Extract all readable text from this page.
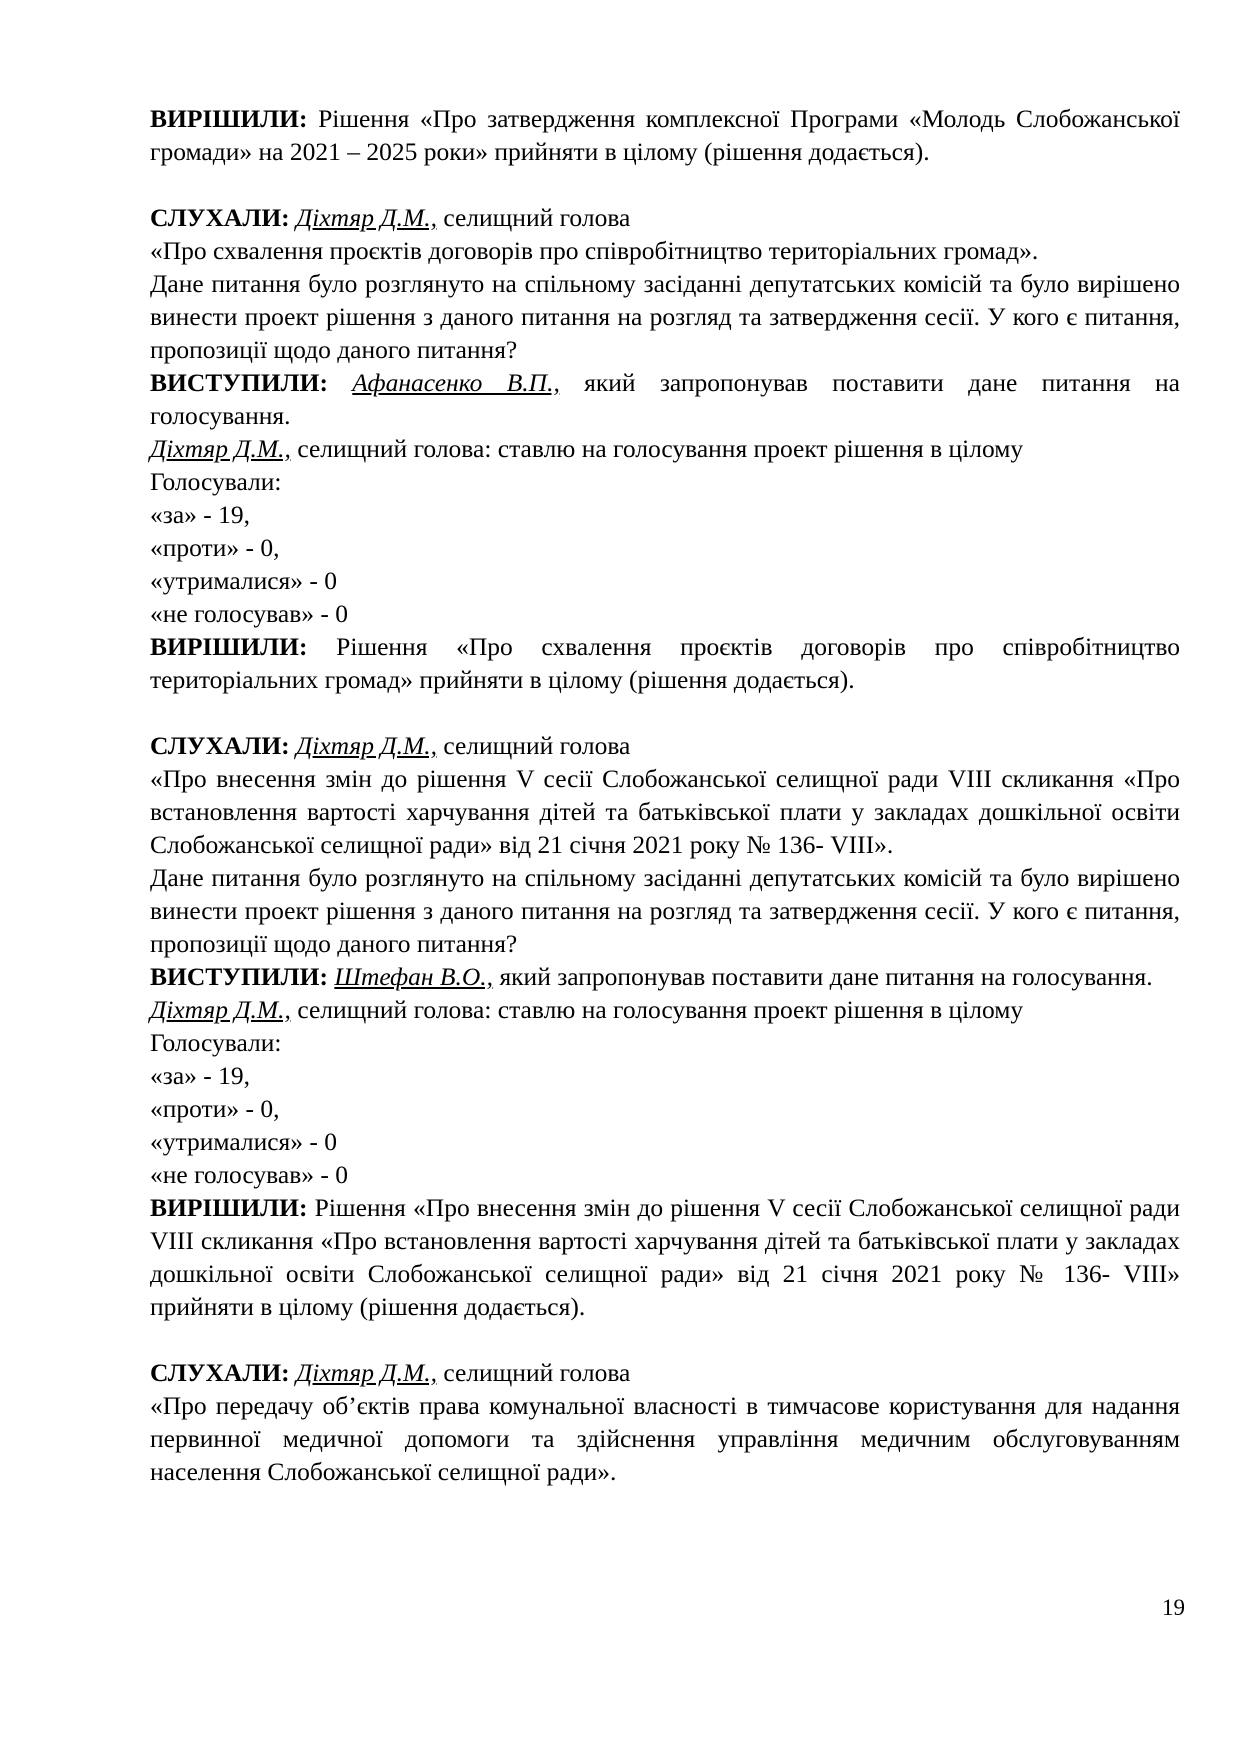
ВИРІШИЛИ: Рішення «Про затвердження комплексної Програми «Молодь Слобожанської громади» на 2021 – 2025 роки» прийняти в цілому (рішення додається).

СЛУХАЛИ: Діхтяр Д.М., селищний голова

«Про схвалення проєктів договорів про співробітництво територіальних громад».

Дане питання було розглянуто на спільному засіданні депутатських комісій та було вирішено винести проект рішення з даного питання на розгляд та затвердження сесії. У кого є питання, пропозиції щодо даного питання?

ВИСТУПИЛИ: Афанасенко В.П., який запропонував поставити дане питання на голосування.

Діхтяр Д.М., селищний голова: ставлю на голосування проект рішення в цілому

Голосували:

«за» - 19,

«проти» - 0,

«утрималися» - 0

«не голосував» - 0

ВИРІШИЛИ: Рішення «Про схвалення проєктів договорів про співробітництво територіальних громад» прийняти в цілому (рішення додається).

СЛУХАЛИ: Діхтяр Д.М., селищний голова

«Про внесення змін до рішення V сесії Слобожанської селищної ради VIII скликання «Про встановлення вартості харчування дітей та батьківської плати у закладах дошкільної освіти Слобожанської селищної ради» від 21 січня 2021 року № 136- VIII».

Дане питання було розглянуто на спільному засіданні депутатських комісій та було вирішено винести проект рішення з даного питання на розгляд та затвердження сесії. У кого є питання, пропозиції щодо даного питання?

ВИСТУПИЛИ: Штефан В.О., який запропонував поставити дане питання на голосування.

Діхтяр Д.М., селищний голова: ставлю на голосування проект рішення в цілому

Голосували:

«за» - 19,

«проти» - 0,

«утрималися» - 0

«не голосував» - 0

ВИРІШИЛИ: Рішення «Про внесення змін до рішення V сесії Слобожанської селищної ради VIII скликання «Про встановлення вартості харчування дітей та батьківської плати у закладах дошкільної освіти Слобожанської селищної ради» від 21 січня 2021 року № 136- VIII» прийняти в цілому (рішення додається).

СЛУХАЛИ: Діхтяр Д.М., селищний голова

«Про передачу об’єктів права комунальної власності в тимчасове користування для надання первинної медичної допомоги та здійснення управління медичним обслуговуванням населення Слобожанської селищної ради».

19
